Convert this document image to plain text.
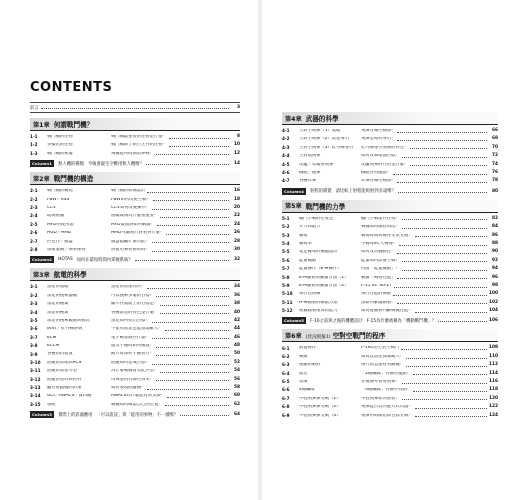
CONTENTS
前言	3
第1章 何謂戰鬥機？
1-1	戰鬥機的任務	戰鬥機最重要的任務是什麼？	8
1-2	多樣化的任務	戰鬥機除了制空之外的任務？	10
1-3	戰鬥機的變遷	飛機從何時開始參戰？	12
Column1	無人機的種類 今後會誕生空戰用無人機嗎？	14
第2章 戰鬥機的構造
2-1	戰鬥機的構造	戰鬥機的結構設計	16
2-2	FBW／RSS	FBW如何改變空戰？	18
2-3	CCV	CCV如何改變操作？	20
2-4	玻璃座艙	座艙玻璃為什麼很重要？	22
2-5	MFD的使用法	MFD畫面該如何解讀？	24
2-6	HUD／HMD	HMD可讓飛行員看到什麼？	26
2-7	匹克作／頭盔	頭盔隱藏什麼功能？	28
2-8	加壓裝備／彈射座椅	該使用彈射座椅時？	30
Column2	HOTAS 如何在最短時間內掌握系統？	32
第3章 航電的科學
3-1	雷達的基礎	雷達的原理為何？	34
3-2	雷達的搜索器機	可以搜索多遠的目標？	36
3-3	雷達的種類	顯示在畫面上的目標是？	38
3-4	雷達的種類	各種雷達的特色是什麼？	40
3-5	雷達的搜索範圍與模式	雷達如何找出目標？	42
3-6	IRST／紅外線系統	不使用雷達也能發現敵人？	44
3-7	ECM	電子戰會做些什麼？	46
3-8	ECCM	遭受干擾時如何處置？	48
3-9	各種對抗裝置	敵方會如何干擾我方？	50
3-10	匿蹤的原理與RCS	匿蹤如何達成目標？	52
3-11	匿蹤的雷達外型	為什麼戰機會有此外型？	54
3-12	匿蹤的塗料與材料	特殊塗料有哪些效果？	56
3-13	聽付匿蹤機的對策	如何發現匿蹤機？	58
3-14	GCI／AWACS／資料鏈	AWACS為什麼能有效支援？	60
3-15	導航	戰機如何確認自己的位置？	62
Column3	實際上的武器應用 「可以說該」與「能用的事物」不一樣嗎？	64
第4章 武器的科學
4-1	空對空飛彈（1）基礎	飛彈有哪些種類？	66
4-2	空對空飛彈（2）雷達導引	飛彈是如何導引？	68
4-3	空對空飛彈（3）紅外線導引	紅外線導引飛彈的特性？	70
4-4	空對地飛彈	如何攻擊地面目標？	72
4-5	反艦／反幅射飛彈	反艦飛彈的作用是什麼？	74
4-6	機砲／砲彈	機砲有何優點？	76
4-7	各種炸彈	炸彈有哪些種類？	78
Column4	射程的錯覺 請比較上射程能夠射到多遠嗎？	80
第5章 戰鬥機的力學
5-1	纏鬥空戰的必要性	纏鬥空戰還存在嗎？	82
5-2	升力與阻力	戰機如何維持高度？	84
5-3	轉彎	轉彎時如何轉得又快又穩？	86
5-4	轉彎率	小轉彎vs.大轉彎？	88
5-5	迷走轉彎的機體設計	如何改善機動性？	90
5-6	能量機動	能量如何影響空戰？	92
5-7	能量操作（E-M操作）	何謂「能量機動」？	94
5-8	E-M圖表的解讀方法（1）	解讀「轉彎性能」	96
5-9	E-M圖表的解讀方法（2）	F-15 vs. Su-27	98
5-10	飛行包絡線	飛行性能的極限	100
5-11	H-M圖表的解讀方法	該如何解讀圖表？	102
5-12	根據圖表推算的能力	如何從圖表判斷戰機性能？	104
Column5	F-16之前與之後的機體設計 F-15為什麼被稱為「機動戰鬥機」？	106
第6章 (狀況模擬1) 空對空戰鬥的程序
6-1	前提條件	F-16C的空對空戰鬥	108
6-2	索敵	如何以雷達探測敵人？	110
6-3	座艙的瞭野	飛行員怎麼看到敵機？	112
6-4	接近	「2機編隊」有哪些優點？	114
6-5	攻擊	在視線外發射飛彈？	116
6-6	4機編隊	「4機編隊」有哪些特點？	118
6-7	中程飛彈彈交戰（1）	中程飛彈如何發射？	120
6-8	中程飛彈彈交戰（2）	飛彈能否以閃避方式閃過？	122
6-9	中程飛彈彈交戰（3）	飛彈何時開始與目標交戰？	124
